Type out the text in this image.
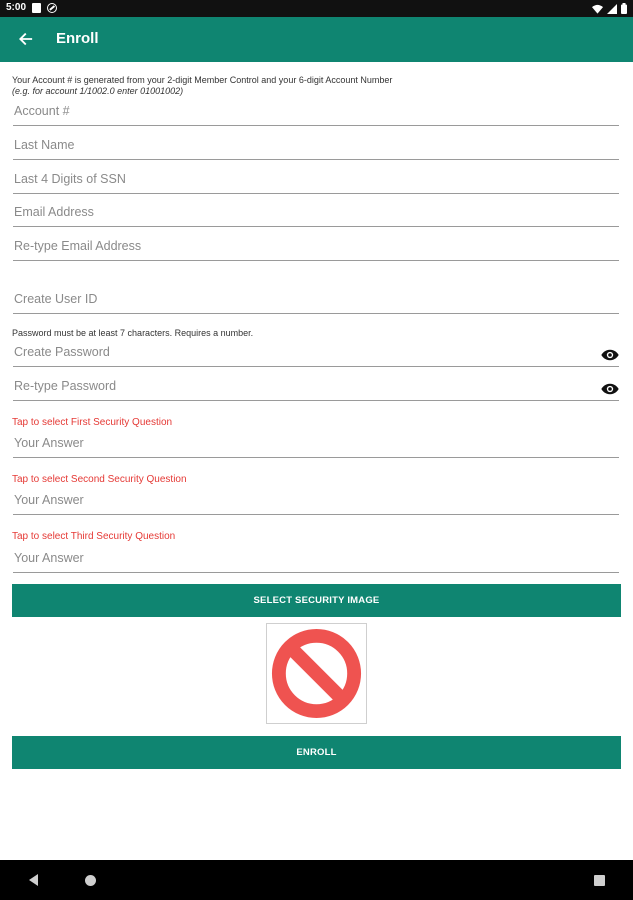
5:00
Enroll
Your Account # is generated from your 2-digit Member Control and your 6-digit Account Number
(e.g. for account 1/1002.0 enter 01001002)
Account #
Last Name
Last 4 Digits of SSN
Email Address
Re-type Email Address
Create User ID
Password must be at least 7 characters. Requires a number.
Tap to select First Security Question
Your Answer
Tap to select Second Security Question
Your Answer
Tap to select Third Security Question
Your Answer
SELECT SECURITY IMAGE
ENROLL
